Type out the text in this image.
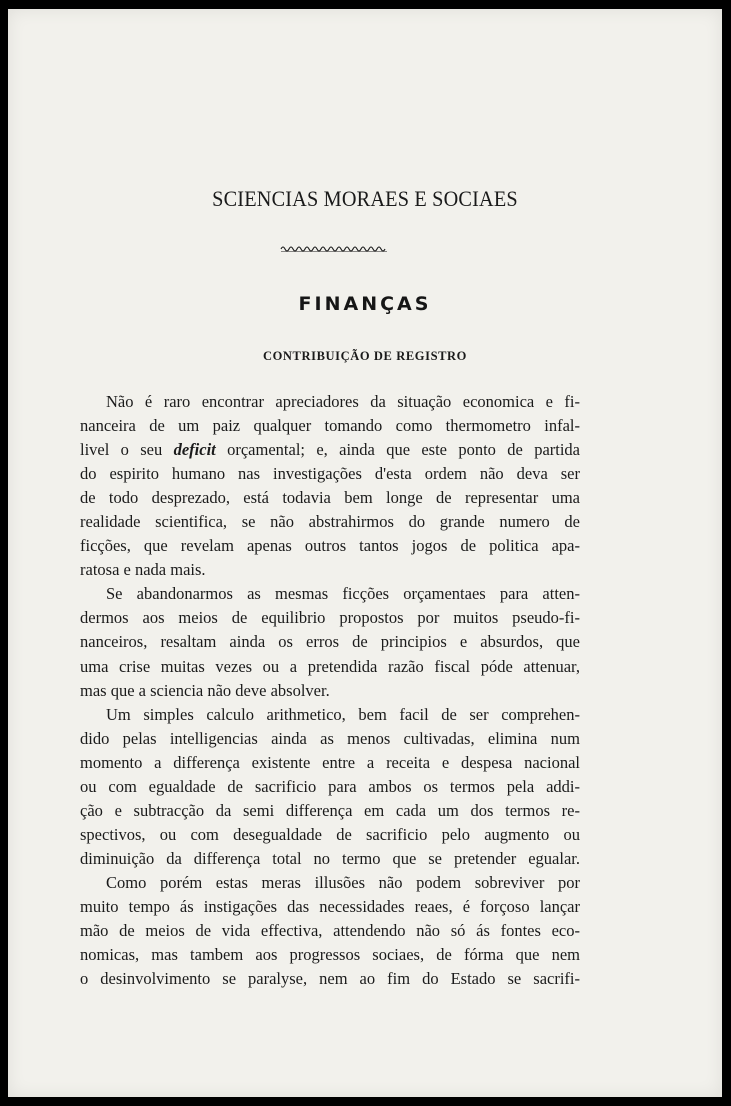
SCIENCIAS MORAES E SOCIAES
FINANÇAS
CONTRIBUIÇÃO DE REGISTRO
Não é raro encontrar apreciadores da situação economica e fi-
nanceira de um paiz qualquer tomando como thermometro infal-
livel o seu deficit orçamental; e, ainda que este ponto de partida
do espirito humano nas investigações d'esta ordem não deva ser
de todo desprezado, está todavia bem longe de representar uma
realidade scientifica, se não abstrahirmos do grande numero de
ficções, que revelam apenas outros tantos jogos de politica apa-
ratosa e nada mais.
Se abandonarmos as mesmas ficções orçamentaes para atten-
dermos aos meios de equilibrio propostos por muitos pseudo-fi-
nanceiros, resaltam ainda os erros de principios e absurdos, que
uma crise muitas vezes ou a pretendida razão fiscal póde attenuar,
mas que a sciencia não deve absolver.
Um simples calculo arithmetico, bem facil de ser comprehen-
dido pelas intelligencias ainda as menos cultivadas, elimina num
momento a differença existente entre a receita e despesa nacional
ou com egualdade de sacrificio para ambos os termos pela addi-
ção e subtracção da semi differença em cada um dos termos re-
spectivos, ou com desegualdade de sacrificio pelo augmento ou
diminuição da differença total no termo que se pretender egualar.
Como porém estas meras illusões não podem sobreviver por
muito tempo ás instigações das necessidades reaes, é forçoso lançar
mão de meios de vida effectiva, attendendo não só ás fontes eco-
nomicas, mas tambem aos progressos sociaes, de fórma que nem
o desinvolvimento se paralyse, nem ao fim do Estado se sacrifi-
